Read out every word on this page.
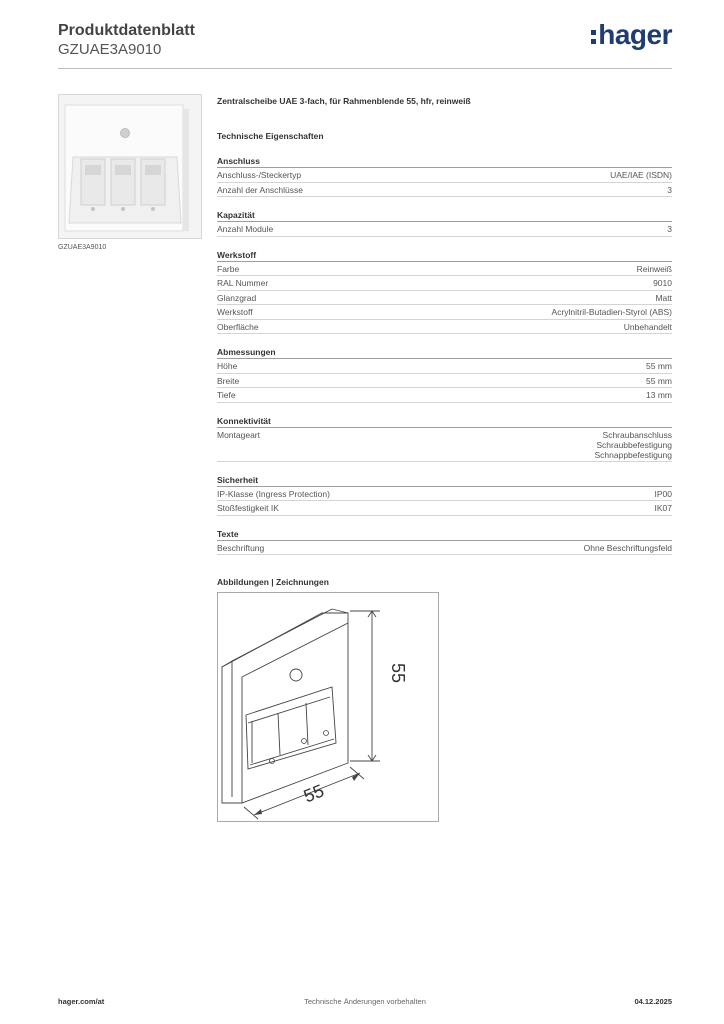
Produktdatenblatt
GZUAE3A9010	hager
GZUAE3A9010
Zentralscheibe UAE 3-fach, für Rahmenblende 55, hfr, reinweiß
Technische Eigenschaften
Anschluss
Anschluss-/Steckertyp	UAE/IAE (ISDN)
Anzahl der Anschlüsse	3
Kapazität
Anzahl Module	3
Werkstoff
Farbe	Reinweiß
RAL Nummer	9010
Glanzgrad	Matt
Werkstoff	Acrylnitril-Butadien-Styrol (ABS)
Oberfläche	Unbehandelt
Abmessungen
Höhe	55 mm
Breite	55 mm
Tiefe	13 mm
Konnektivität
Montageart	Schraubanschluss
Schraubbefestigung
Schnappbefestigung
Sicherheit
IP-Klasse (Ingress Protection)	IP00
Stoßfestigkeit IK	IK07
Texte
Beschriftung	Ohne Beschriftungsfeld
Abbildungen | Zeichnungen
55
55
hager.com/at	Technische Änderungen vorbehalten	04.12.2025
